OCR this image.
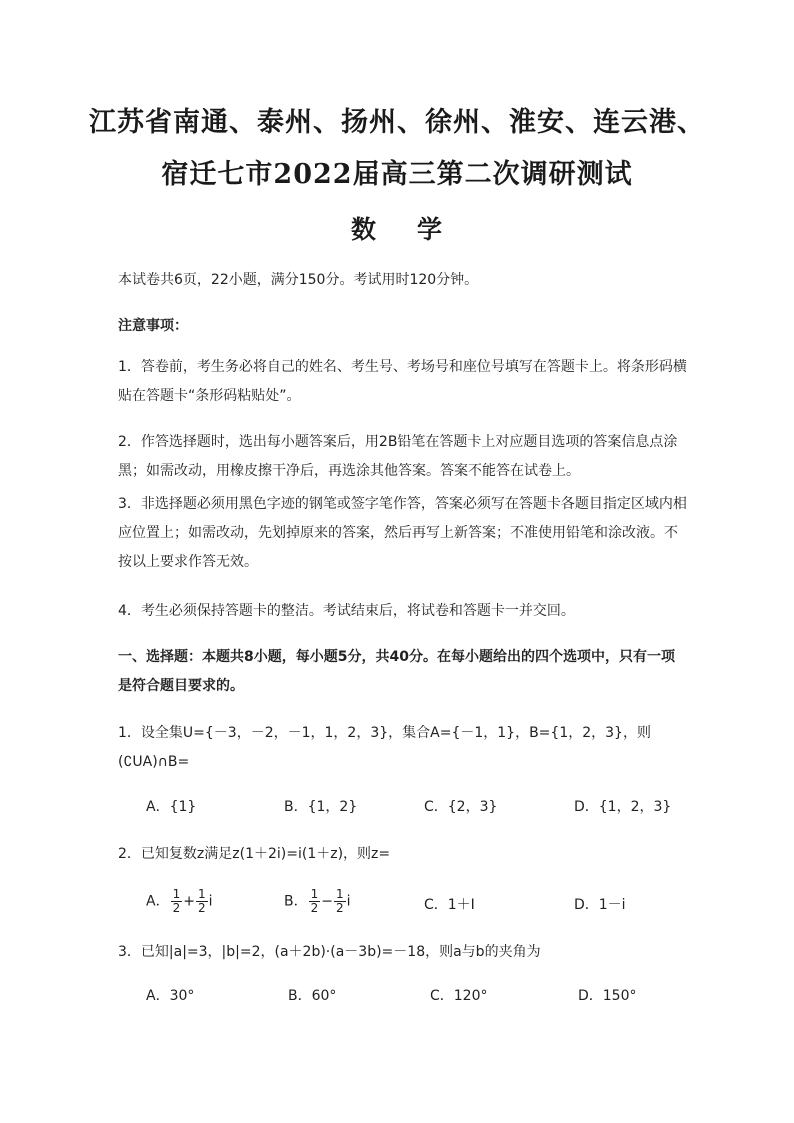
江苏省南通、泰州、扬州、徐州、淮安、连云港、
宿迁七市2022届高三第二次调研测试
数 学
本试卷共6页，22小题，满分150分。考试用时120分钟。
注意事项：
1．答卷前，考生务必将自己的姓名、考生号、考场号和座位号填写在答题卡上。将条形码横贴在答题卡“条形码粘贴处”。
2．作答选择题时，选出每小题答案后，用2B铅笔在答题卡上对应题目选项的答案信息点涂黑；如需改动，用橡皮擦干净后，再选涂其他答案。答案不能答在试卷上。
3．非选择题必须用黑色字迹的钢笔或签字笔作答，答案必须写在答题卡各题目指定区域内相应位置上；如需改动，先划掉原来的答案，然后再写上新答案；不准使用铅笔和涂改液。不按以上要求作答无效。
4．考生必须保持答题卡的整洁。考试结束后，将试卷和答题卡一并交回。
一、选择题：本题共8小题，每小题5分，共40分。在每小题给出的四个选项中，只有一项是符合题目要求的。
1．设全集U={－3，－2，－1，1，2，3}，集合A={－1，1}，B={1，2，3}，则(∁UA)∩B=
A．{1}	B．{1，2}	C．{2，3}	D．{1，2，3}
2．已知复数z满足z(1＋2i)=i(1＋z)，则z=
A． $\frac{1}{2} + \frac{1}{2}$ i	B． $\frac{1}{2} - \frac{1}{2}$ i	C．1＋I	D．1－i
3．已知|a|=3，|b|=2，(a＋2b)·(a－3b)=－18，则a与b的夹角为
A．30°	B．60°	C．120°	D．150°
